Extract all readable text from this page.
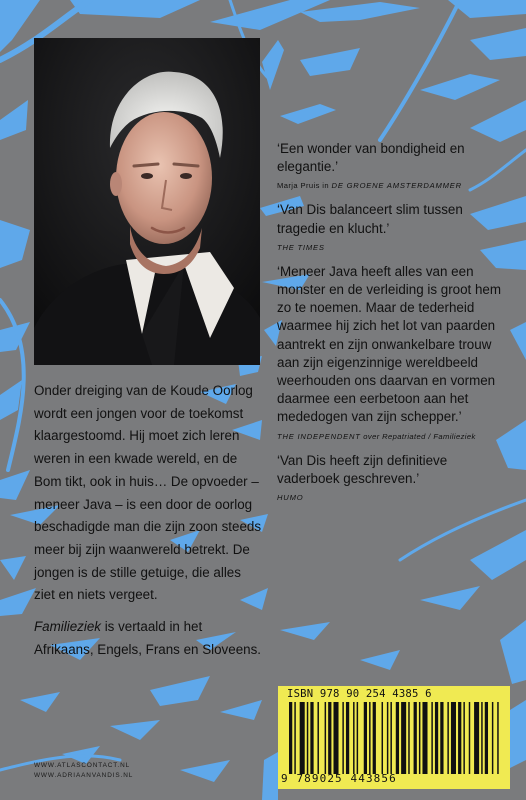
‘Een wonder van bondigheid en elegantie.’

Marja Pruis in DE GROENE AMSTERDAMMER

‘Van Dis balanceert slim tussen tragedie en klucht.’

THE TIMES

‘Meneer Java heeft alles van een monster en de verleiding is groot hem zo te noemen. Maar de tederheid waarmee hij zich het lot van paarden aantrekt en zijn onwankelbare trouw aan zijn eigenzinnige wereldbeeld weerhouden ons daarvan en vormen daarmee een eerbetoon aan het mededogen van zijn schepper.’

THE INDEPENDENT over Repatriated / Familieziek

‘Van Dis heeft zijn definitieve vaderboek geschreven.’

HUMO

Onder dreiging van de Koude Oorlog wordt een jongen voor de toekomst klaargestoomd. Hij moet zich leren weren in een kwade wereld, en de Bom tikt, ook in huis… De opvoeder – meneer Java – is een door de oorlog beschadigde man die zijn zoon steeds meer bij zijn waanwereld betrekt. De jongen is de stille getuige, die alles ziet en niets vergeet.

Familieziek is vertaald in het Afrikaans, Engels, Frans en Sloveens.

WWW.ATLASCONTACT.NL
WWW.ADRIAANVANDIS.NL
ISBN 978 90 254 4385 6
9 789025 443856
